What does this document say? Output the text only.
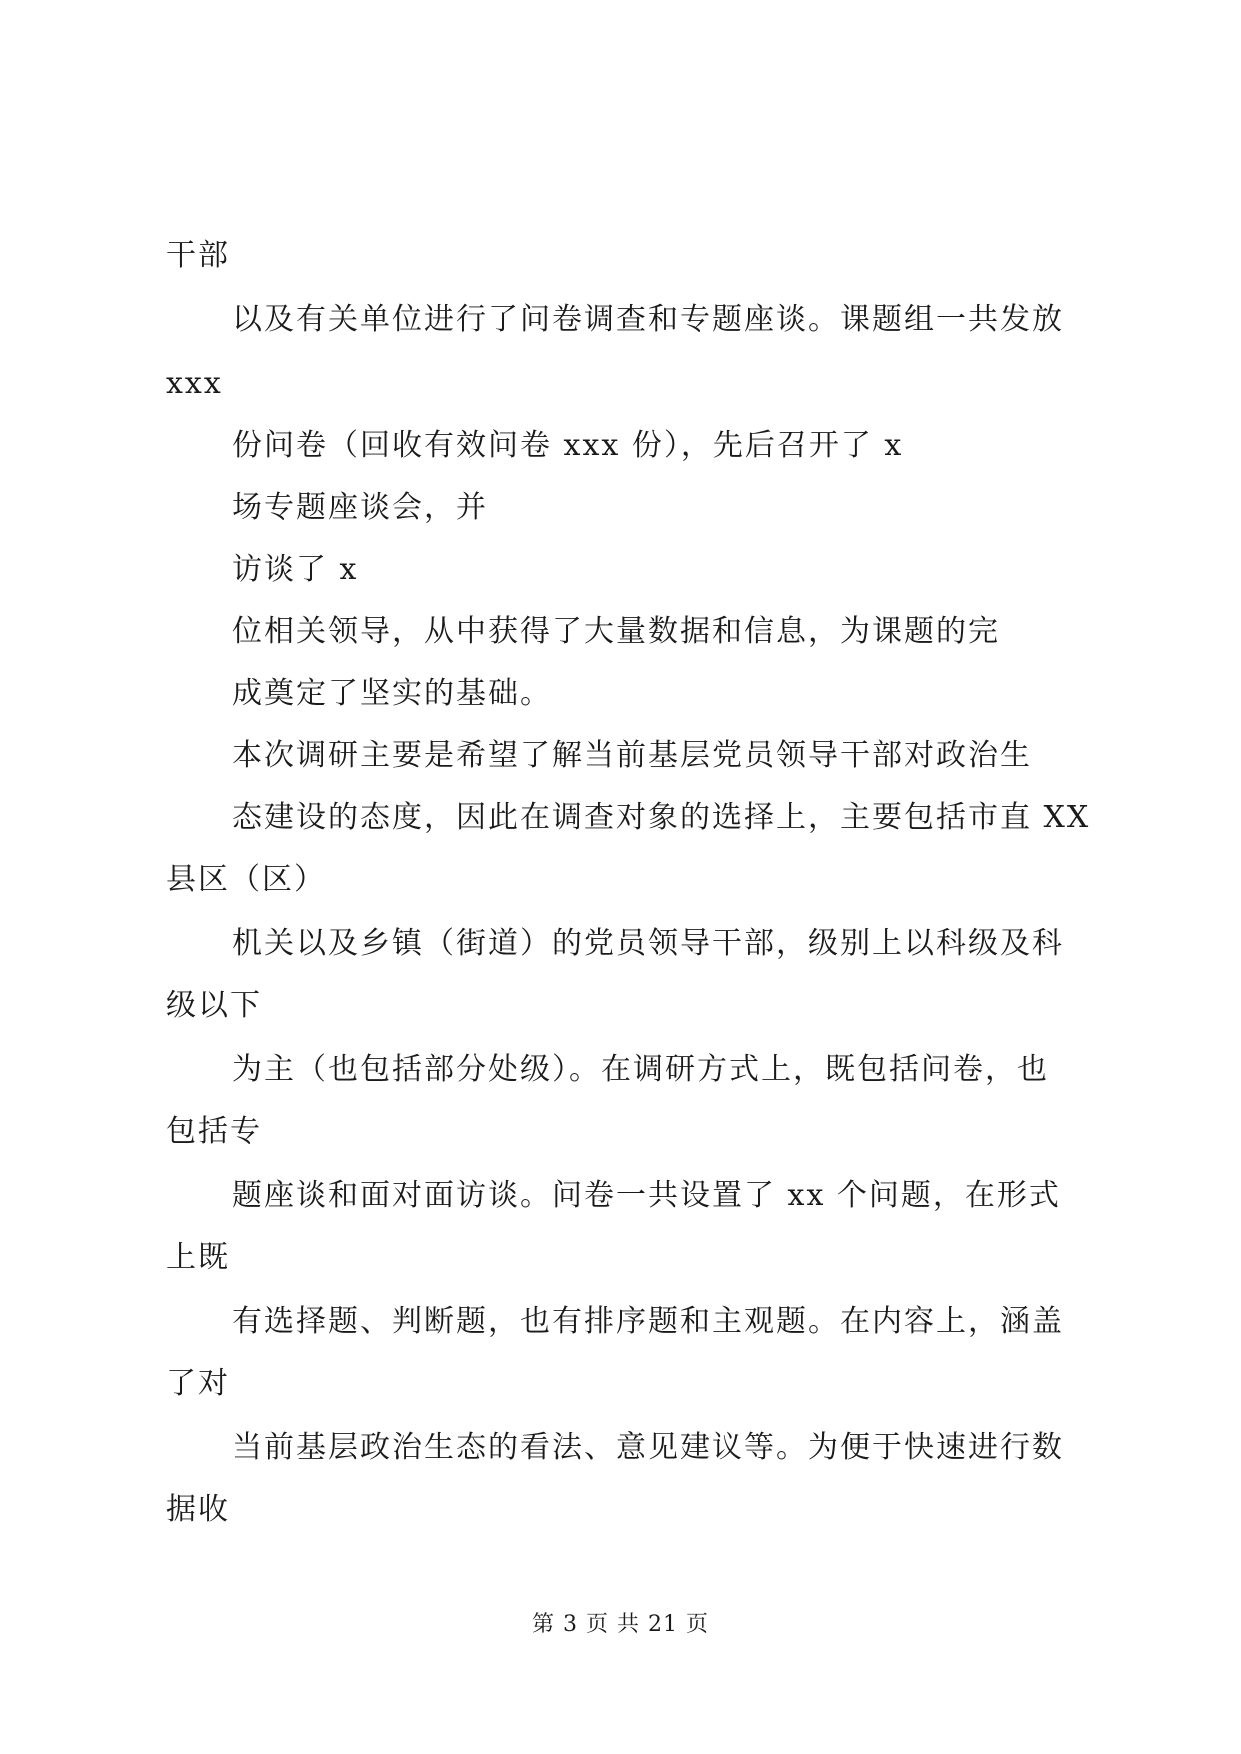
干部
以及有关单位进行了问卷调查和专题座谈。课题组一共发放
xxx
份问卷（回收有效问卷 xxx 份），先后召开了 x
场专题座谈会，并
访谈了 x
位相关领导，从中获得了大量数据和信息，为课题的完
成奠定了坚实的基础。
本次调研主要是希望了解当前基层党员领导干部对政治生
态建设的态度，因此在调查对象的选择上，主要包括市直 XX
县区（区）
机关以及乡镇（街道）的党员领导干部，级别上以科级及科
级以下
为主（也包括部分处级）。在调研方式上，既包括问卷，也
包括专
题座谈和面对面访谈。问卷一共设置了 xx 个问题，在形式
上既
有选择题、判断题，也有排序题和主观题。在内容上，涵盖
了对
当前基层政治生态的看法、意见建议等。为便于快速进行数
据收
第 3 页 共 21 页
